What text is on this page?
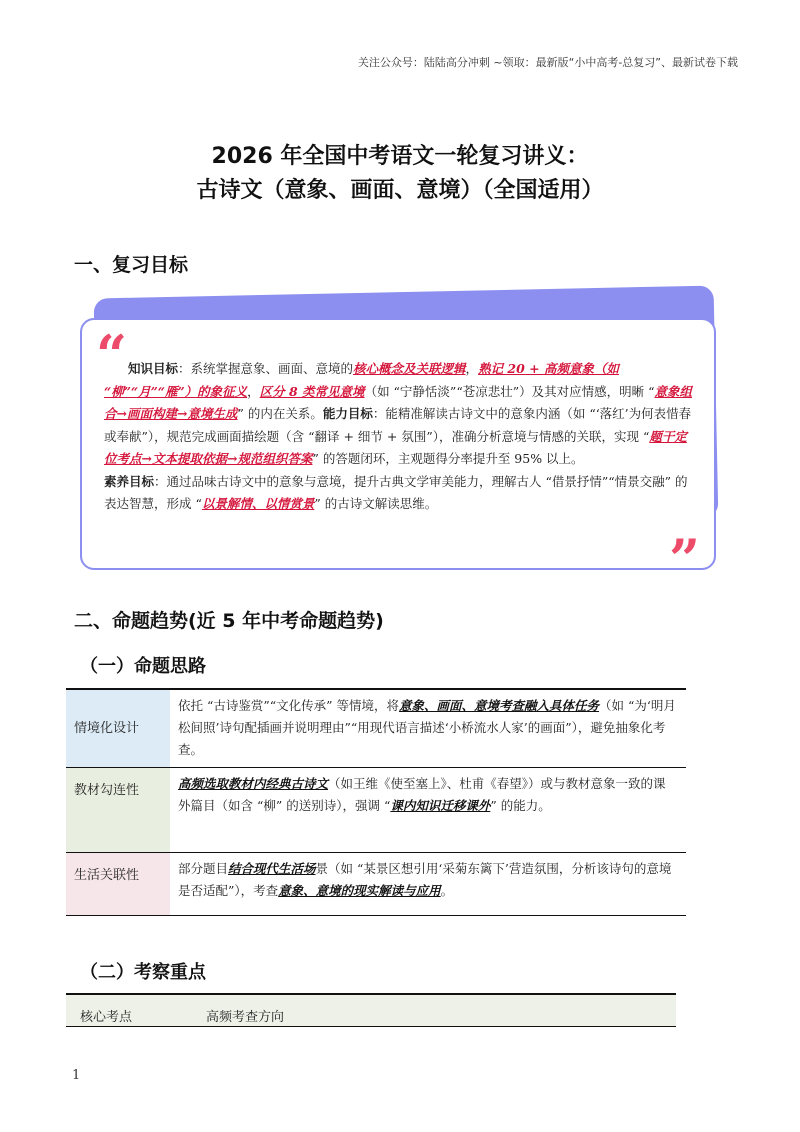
关注公众号：陆陆高分冲刺 ~领取：最新版“小中高考-总复习”、最新试卷下载
2026 年全国中考语文一轮复习讲义：
古诗文（意象、画面、意境）（全国适用）
一、复习目标
“ 知识目标：系统掌握意象、画面、意境的核心概念及关联逻辑，熟记 20 + 高频意象（如 “柳”“月”“雁”）的象征义，区分 8 类常见意境（如 “宁静恬淡”“苍凉悲壮”）及其对应情感，明晰 “意象组合→画面构建→意境生成” 的内在关系。能力目标：能精准解读古诗文中的意象内涵（如 “‘落红’为何表惜春或奉献”），规范完成画面描绘题（含 “翻译 + 细节 + 氛围”），准确分析意境与情感的关联，实现 “题干定位考点→文本提取依据→规范组织答案” 的答题闭环，主观题得分率提升至 95% 以上。
素养目标：通过品味古诗文中的意象与意境，提升古典文学审美能力，理解古人 “借景抒情”“情景交融” 的表达智慧，形成 “以景解情、以情赏景” 的古诗文解读思维。
”
二、命题趋势(近 5 年中考命题趋势)
（一）命题思路
情境化设计	依托 “古诗鉴赏”“文化传承” 等情境，将意象、画面、意境考查融入具体任务（如 “为‘明月松间照’诗句配插画并说明理由”“用现代语言描述‘小桥流水人家’的画面”），避免抽象化考查。
教材勾连性	高频选取教材内经典古诗文（如王维《使至塞上》、杜甫《春望》）或与教材意象一致的课外篇目（如含 “柳” 的送别诗），强调 “课内知识迁移课外” 的能力。
生活关联性	部分题目结合现代生活场景（如 “某景区想引用‘采菊东篱下’营造氛围，分析该诗句的意境是否适配”），考查意象、意境的现实解读与应用。
（二）考察重点
核心考点	高频考查方向
1
